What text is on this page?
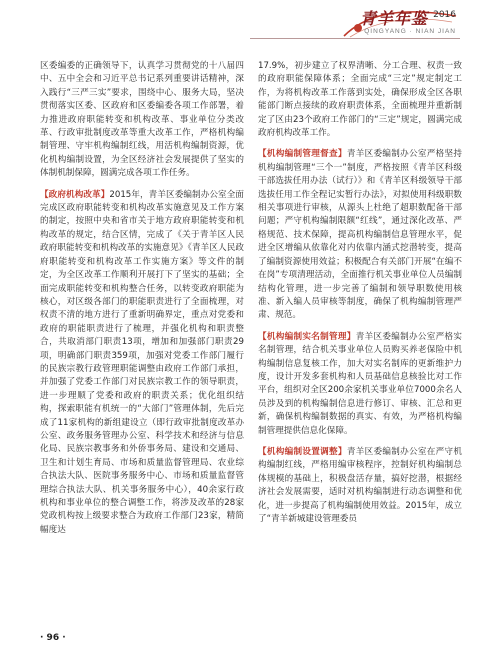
青羊年鉴 2016
QINGYANG · NIAN JIAN

区委编委的正确领导下，认真学习贯彻党的十八届四中、五中全会和习近平总书记系列重要讲话精神，深入践行“三严三实”要求，围绕中心、服务大局，坚决贯彻落实区委、区政府和区委编委各项工作部署，着力推进政府职能转变和机构改革、事业单位分类改革、行政审批制度改革等重大改革工作，严格机构编制管理、守牢机构编制红线，用活机构编制资源，优化机构编制设置，为全区经济社会发展提供了坚实的体制机制保障，圆满完成各项工作任务。

【政府机构改革】2015年，青羊区委编制办公室全面完成区政府职能转变和机构改革实施意见及工作方案的制定，按照中央和省市关于地方政府职能转变和机构改革的规定，结合区情，完成了《关于青羊区人民政府职能转变和机构改革的实施意见》《青羊区人民政府职能转变和机构改革工作实施方案》等文件的制定，为全区改革工作顺利开展打下了坚实的基础；全面完成职能转变和机构整合任务，以转变政府职能为核心，对区级各部门的职能职责进行了全面梳理，对权责不清的地方进行了重新明确界定，重点对党委和政府的职能职责进行了梳理，并强化机构和职责整合，共取消部门职责13项，增加和加强部门职责29项，明确部门职责359项，加强对党委工作部门履行的民族宗教行政管理职能调整由政府工作部门承担，并加强了党委工作部门对民族宗教工作的领导职责，进一步理顺了党委和政府的职责关系；优化组织结构，探索职能有机统一的“大部门”管理体制，先后完成了11家机构的新组建设立（即行政审批制度改革办公室、政务服务管理办公室、科学技术和经济与信息化局、民族宗教事务和外侨事务局、建设和交通局、卫生和计划生育局、市场和质量监督管理局、农业综合执法大队、医院事务服务中心、市场和质量监督管理综合执法大队、机关事务服务中心），40余家行政机构和事业单位的整合调整工作，将涉及改革的28家党政机构按上级要求整合为政府工作部门23家，精简幅度达

17.9%，初步建立了权界清晰、分工合理、权责一致的政府职能保障体系；全面完成“三定”规定制定工作，为将机构改革工作落到实处，确保形成全区各职能部门断点接续的政府职责体系，全面梳理并重新制定了区由23个政府工作部门的“三定”规定，圆满完成政府机构改革工作。

【机构编制管理督查】青羊区委编制办公室严格坚持机构编制管理“三个一”制度，严格按照《青羊区科级干部选拔任用办法（试行）》和《青羊区科级领导干部选拔任用工作全程记实暂行办法》，对拟使用科级职数相关事项进行审核，从源头上杜绝了超职数配备干部问题；严守机构编制限额“红线”，通过深化改革、严格规范、技术保障，提高机构编制信息管理水平，促进全区增编从依靠化对内依靠内涵式挖潜转变，提高了编制资源使用效益；积极配合有关部门开展“在编不在岗”专项清理活动，全面推行机关事业单位人员编制结构化管理，进一步完善了编制和领导职数使用核准、新入编人员审核等制度，确保了机构编制管理严肃、规范。

【机构编制实名制管理】青羊区委编制办公室严格实名制管理，结合机关事业单位人员购买养老保险中机构编制信息复核工作，加大对实名制库的更新维护力度，设计开发多套机构和人员基础信息核验比对工作平台，组织对全区200余家机关事业单位7000余名人员涉及到的机构编制信息进行修订、审核、汇总和更新，确保机构编制数据的真实、有效，为严格机构编制管理提供信息化保障。

【机构编制设置调整】青羊区委编制办公室在严守机构编制红线，严格用编审核程序，控制好机构编制总体规模的基础上，积极盘活存量，搞好挖潜，根据经济社会发展需要，适时对机构编制进行动态调整和优化，进一步提高了机构编制使用效益。2015年，成立了“青羊新城建设管理委员

· 96 ·
